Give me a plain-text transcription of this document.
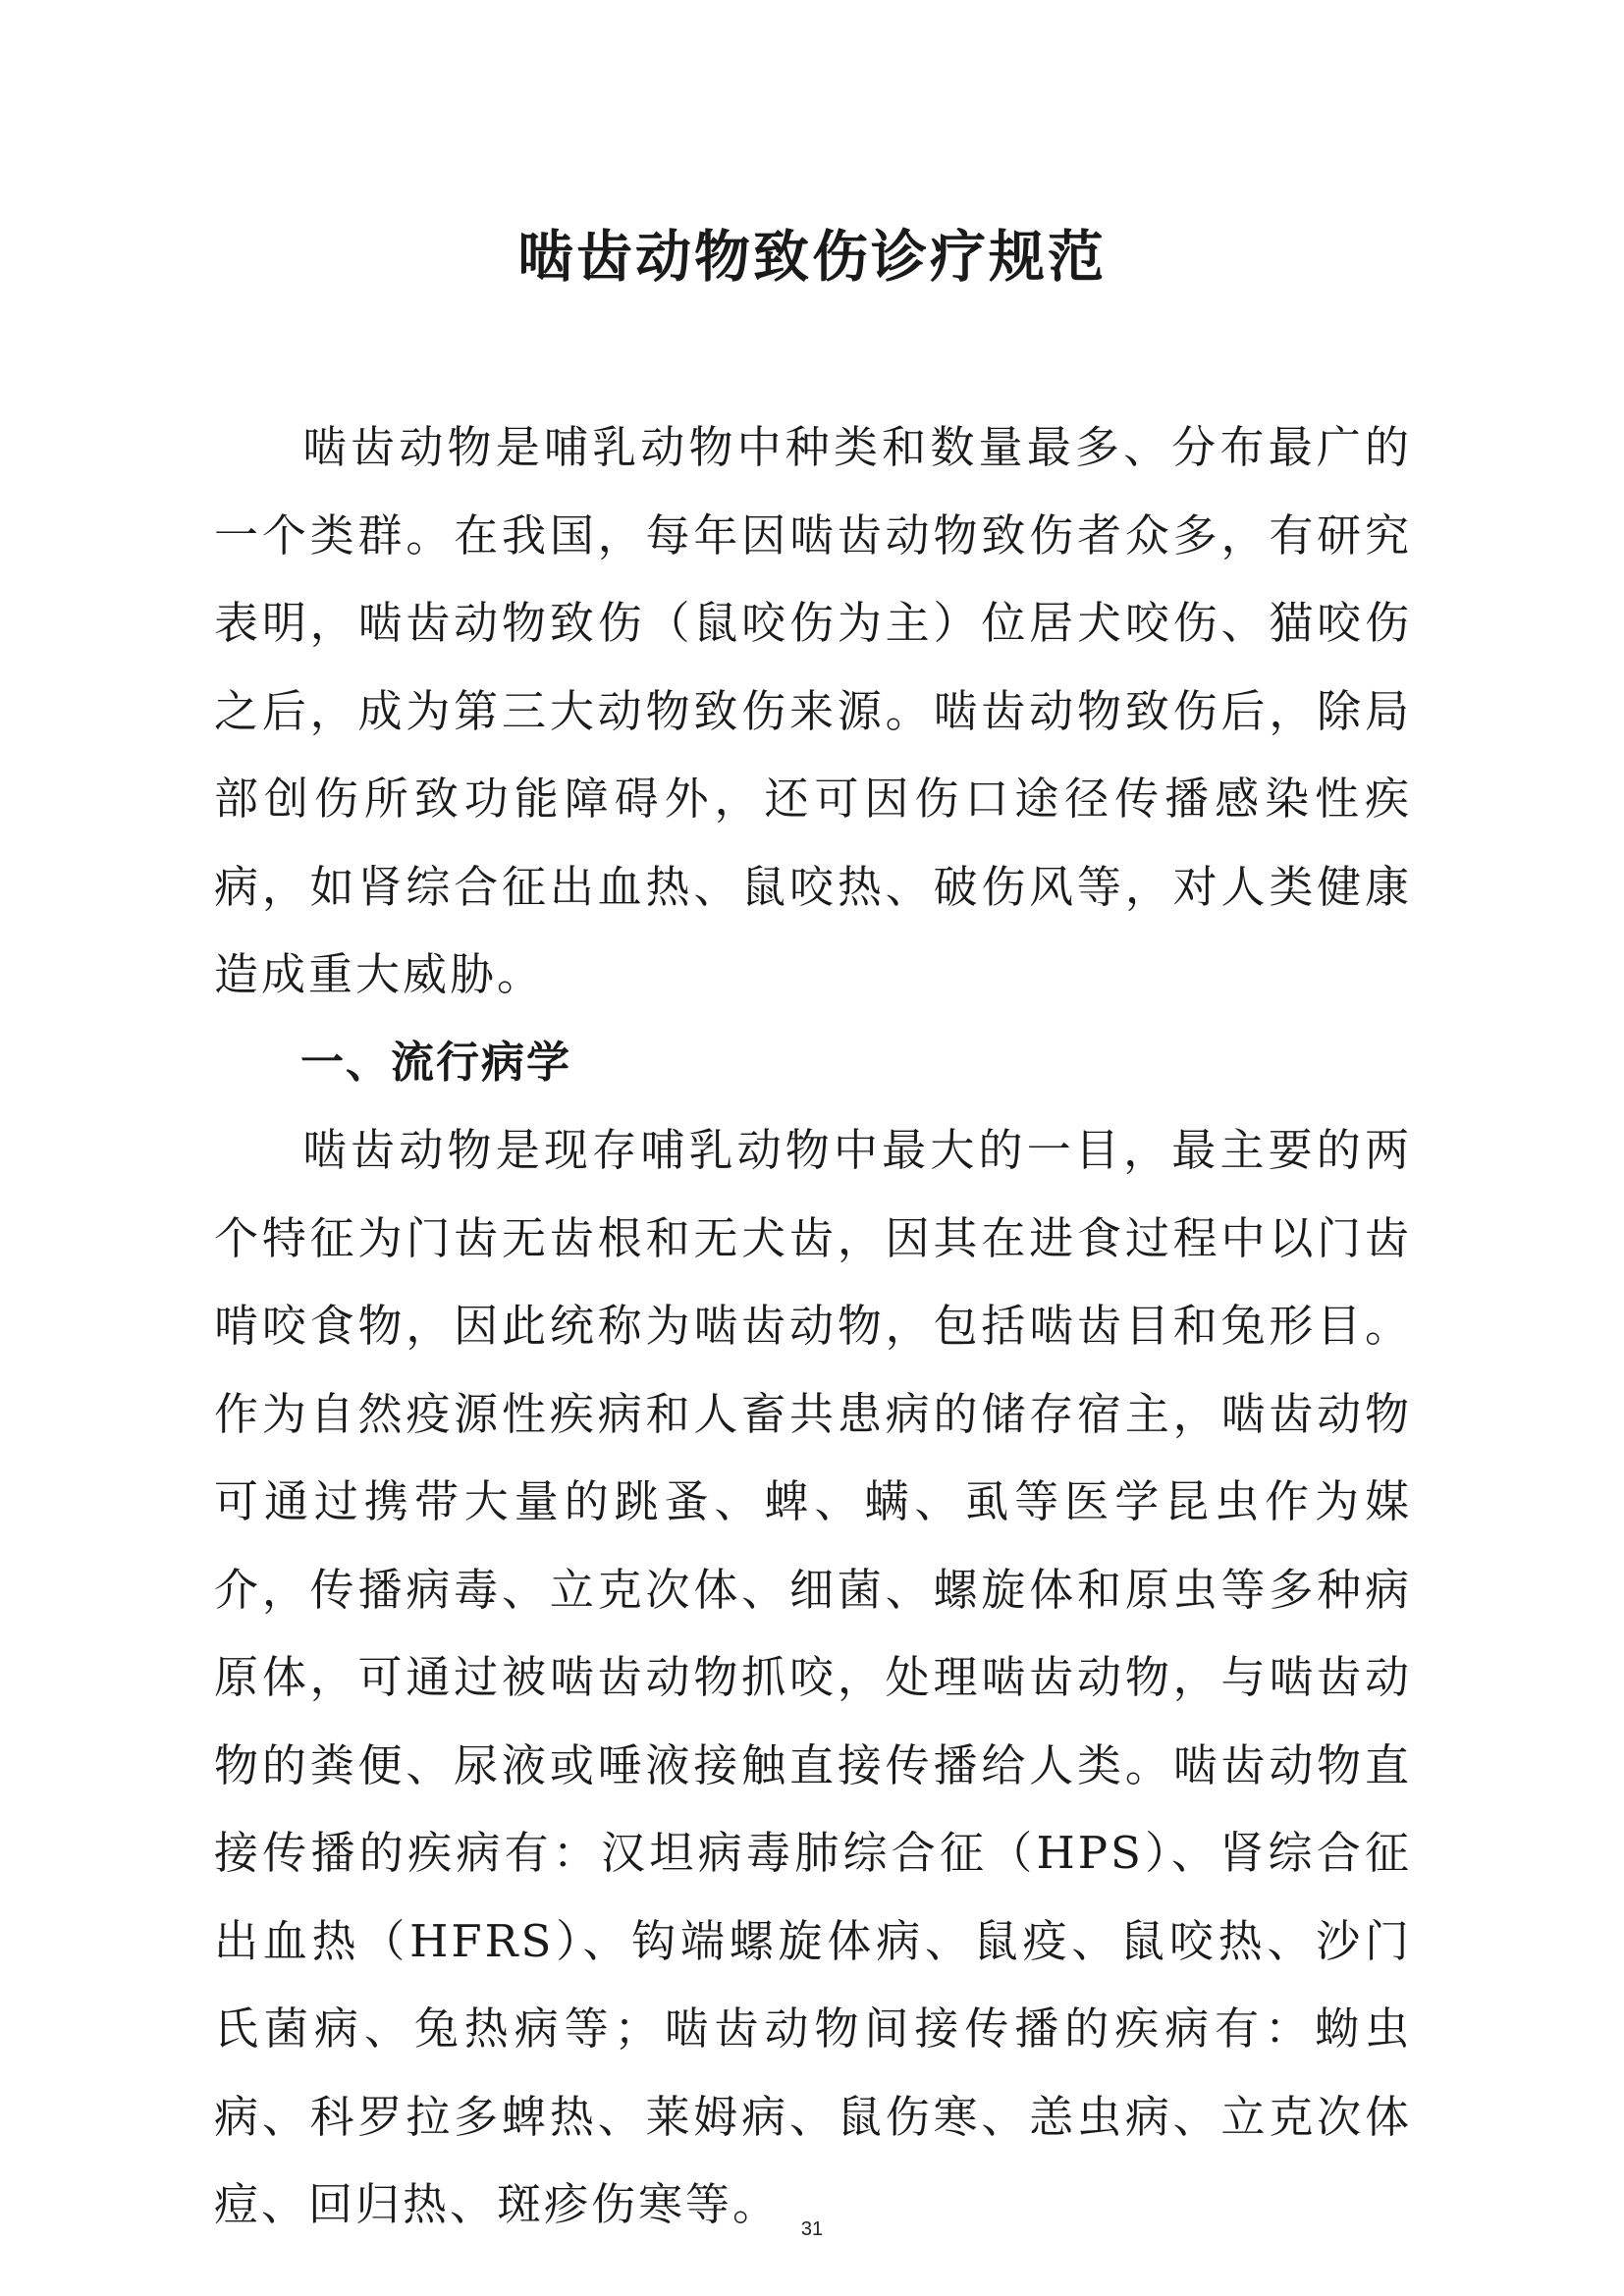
啮齿动物致伤诊疗规范

啮齿动物是哺乳动物中种类和数量最多、分布最广的一个类群。在我国，每年因啮齿动物致伤者众多，有研究表明，啮齿动物致伤（鼠咬伤为主）位居犬咬伤、猫咬伤之后，成为第三大动物致伤来源。啮齿动物致伤后，除局部创伤所致功能障碍外，还可因伤口途径传播感染性疾病，如肾综合征出血热、鼠咬热、破伤风等，对人类健康造成重大威胁。

一、流行病学

啮齿动物是现存哺乳动物中最大的一目，最主要的两个特征为门齿无齿根和无犬齿，因其在进食过程中以门齿啃咬食物，因此统称为啮齿动物，包括啮齿目和兔形目。作为自然疫源性疾病和人畜共患病的储存宿主，啮齿动物可通过携带大量的跳蚤、蜱、螨、虱等医学昆虫作为媒介，传播病毒、立克次体、细菌、螺旋体和原虫等多种病原体，可通过被啮齿动物抓咬，处理啮齿动物，与啮齿动物的粪便、尿液或唾液接触直接传播给人类。啮齿动物直接传播的疾病有：汉坦病毒肺综合征（HPS）、肾综合征出血热（HFRS）、钩端螺旋体病、鼠疫、鼠咬热、沙门氏菌病、兔热病等；啮齿动物间接传播的疾病有：蚴虫病、科罗拉多蜱热、莱姆病、鼠伤寒、恙虫病、立克次体痘、回归热、斑疹伤寒等。	31
